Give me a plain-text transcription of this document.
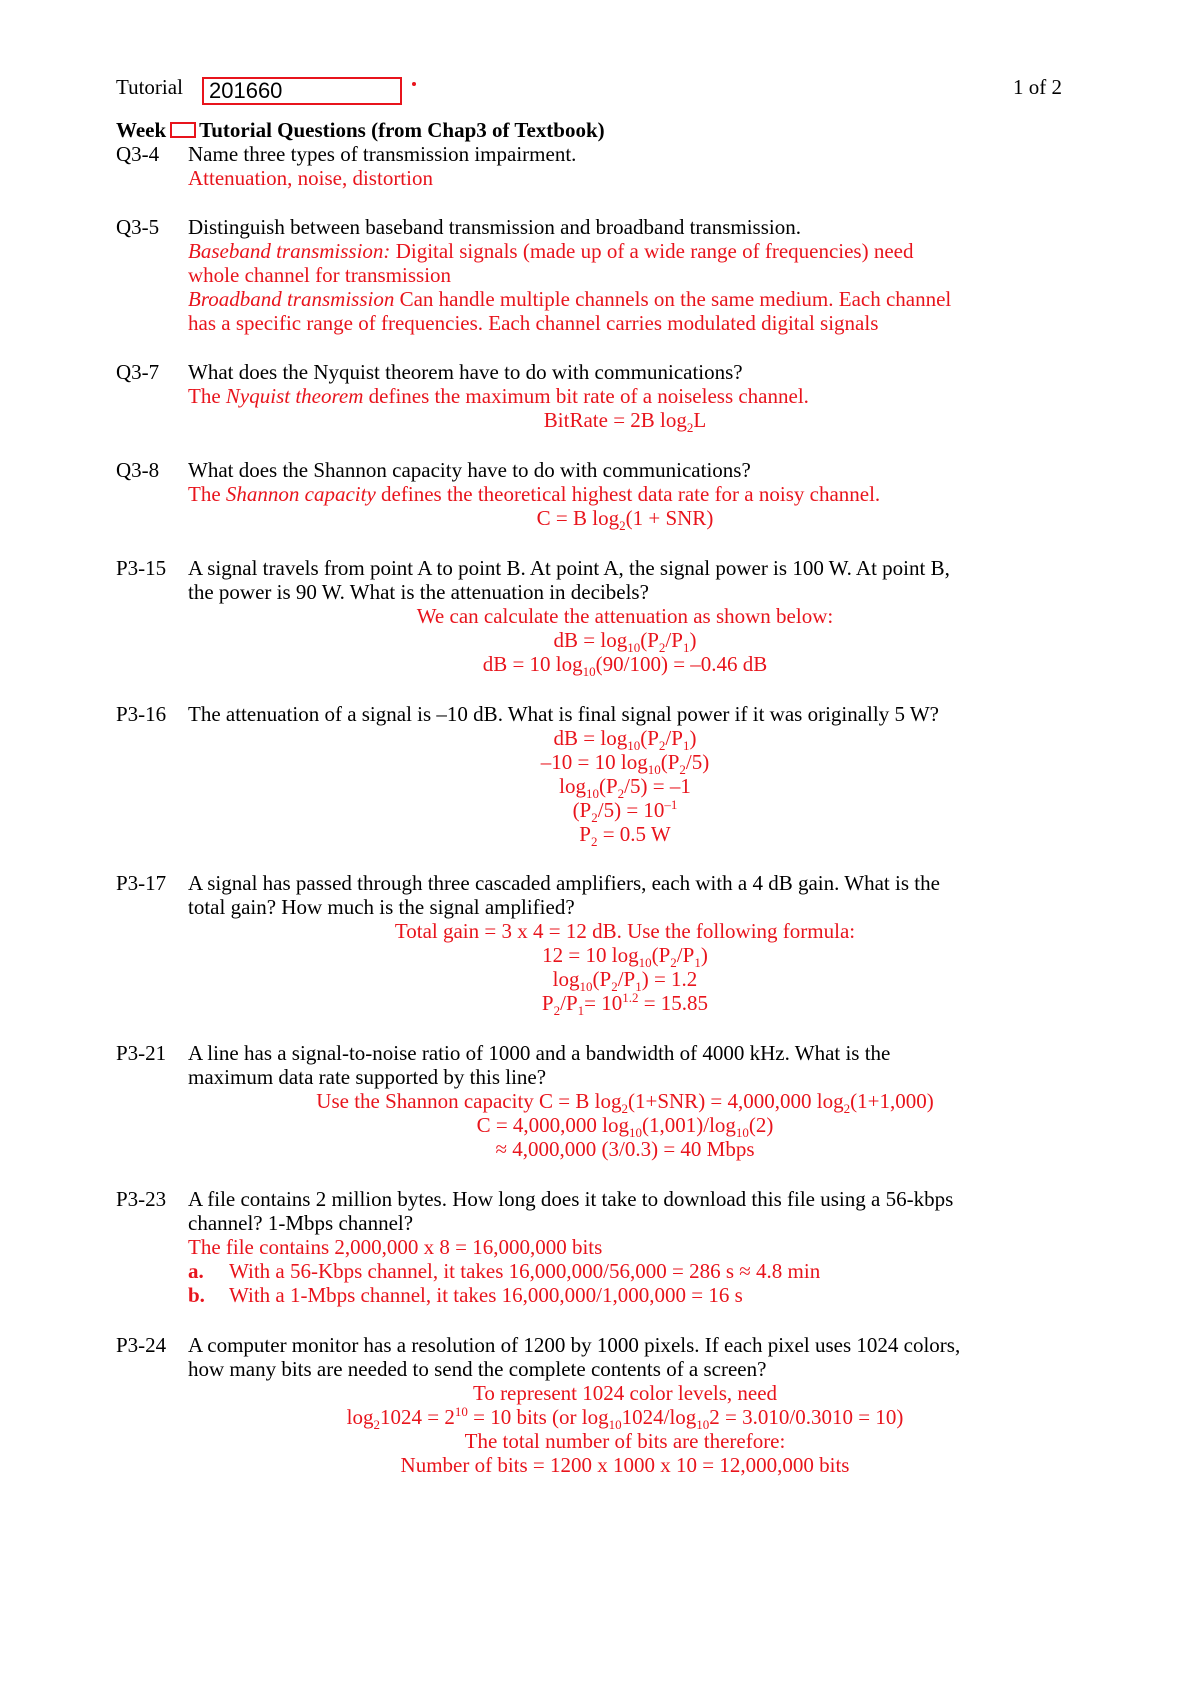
Tutorial	201660	1 of 2
Week Tutorial Questions (from Chap3 of Textbook)
Q3-4 Name three types of transmission impairment.
Attenuation, noise, distortion
Q3-5 Distinguish between baseband transmission and broadband transmission.
Baseband transmission: Digital signals (made up of a wide range of frequencies) need
whole channel for transmission
Broadband transmission Can handle multiple channels on the same medium. Each channel
has a specific range of frequencies. Each channel carries modulated digital signals
Q3-7 What does the Nyquist theorem have to do with communications?
The Nyquist theorem defines the maximum bit rate of a noiseless channel.
BitRate = 2B $\log_2L$
Q3-8 What does the Shannon capacity have to do with communications?
The Shannon capacity defines the theoretical highest data rate for a noisy channel.
C = B $\log_2(1 + SNR)$
P3-15 A signal travels from point A to point B. At point A, the signal power is 100 W. At point B,
the power is 90 W. What is the attenuation in decibels?
We can calculate the attenuation as shown below:
dB = $\log_{10}(P_2/P_1)$
dB = 10 $\log_{10}(90/100) = -0.46$ dB
P3-16 The attenuation of a signal is –10 dB. What is final signal power if it was originally 5 W?
dB = $\log_{10}(P_2/P_1)$
–10 = 10 $\log_{10}(P_2/5)$
$\log_{10}(P_2/5) = -1$
$(P_2/5) = 10^{-1}$
$P_2 = 0.5$ W
P3-17 A signal has passed through three cascaded amplifiers, each with a 4 dB gain. What is the
total gain? How much is the signal amplified?
Total gain = 3 x 4 = 12 dB. Use the following formula:
12 = 10 $\log_{10}(P_2/P_1)$
$\log_{10}(P_2/P_1) = 1.2$
$P_2/P_1= 10^{1.2} = 15.85$
P3-21 A line has a signal-to-noise ratio of 1000 and a bandwidth of 4000 kHz. What is the
maximum data rate supported by this line?
Use the Shannon capacity C = B $\log_2(1+SNR) = 4,000,000$ $\log_2(1+1,000)$
C = 4,000,000 $\log_{10}(1,001)/\log_{10}(2)$
≈ 4,000,000 (3/0.3) = 40 Mbps
P3-23 A file contains 2 million bytes. How long does it take to download this file using a 56-kbps
channel? 1-Mbps channel?
The file contains 2,000,000 x 8 = 16,000,000 bits
a. With a 56-Kbps channel, it takes 16,000,000/56,000 = 286 s ≈ 4.8 min
b. With a 1-Mbps channel, it takes 16,000,000/1,000,000 = 16 s
P3-24 A computer monitor has a resolution of 1200 by 1000 pixels. If each pixel uses 1024 colors,
how many bits are needed to send the complete contents of a screen?
To represent 1024 color levels, need
$\log_21024 = 2^{10} = 10$ bits (or $\log_{10}1024/\log_{10}2 = 3.010/0.3010 = 10$)
The total number of bits are therefore:
Number of bits = 1200 x 1000 x 10 = 12,000,000 bits
